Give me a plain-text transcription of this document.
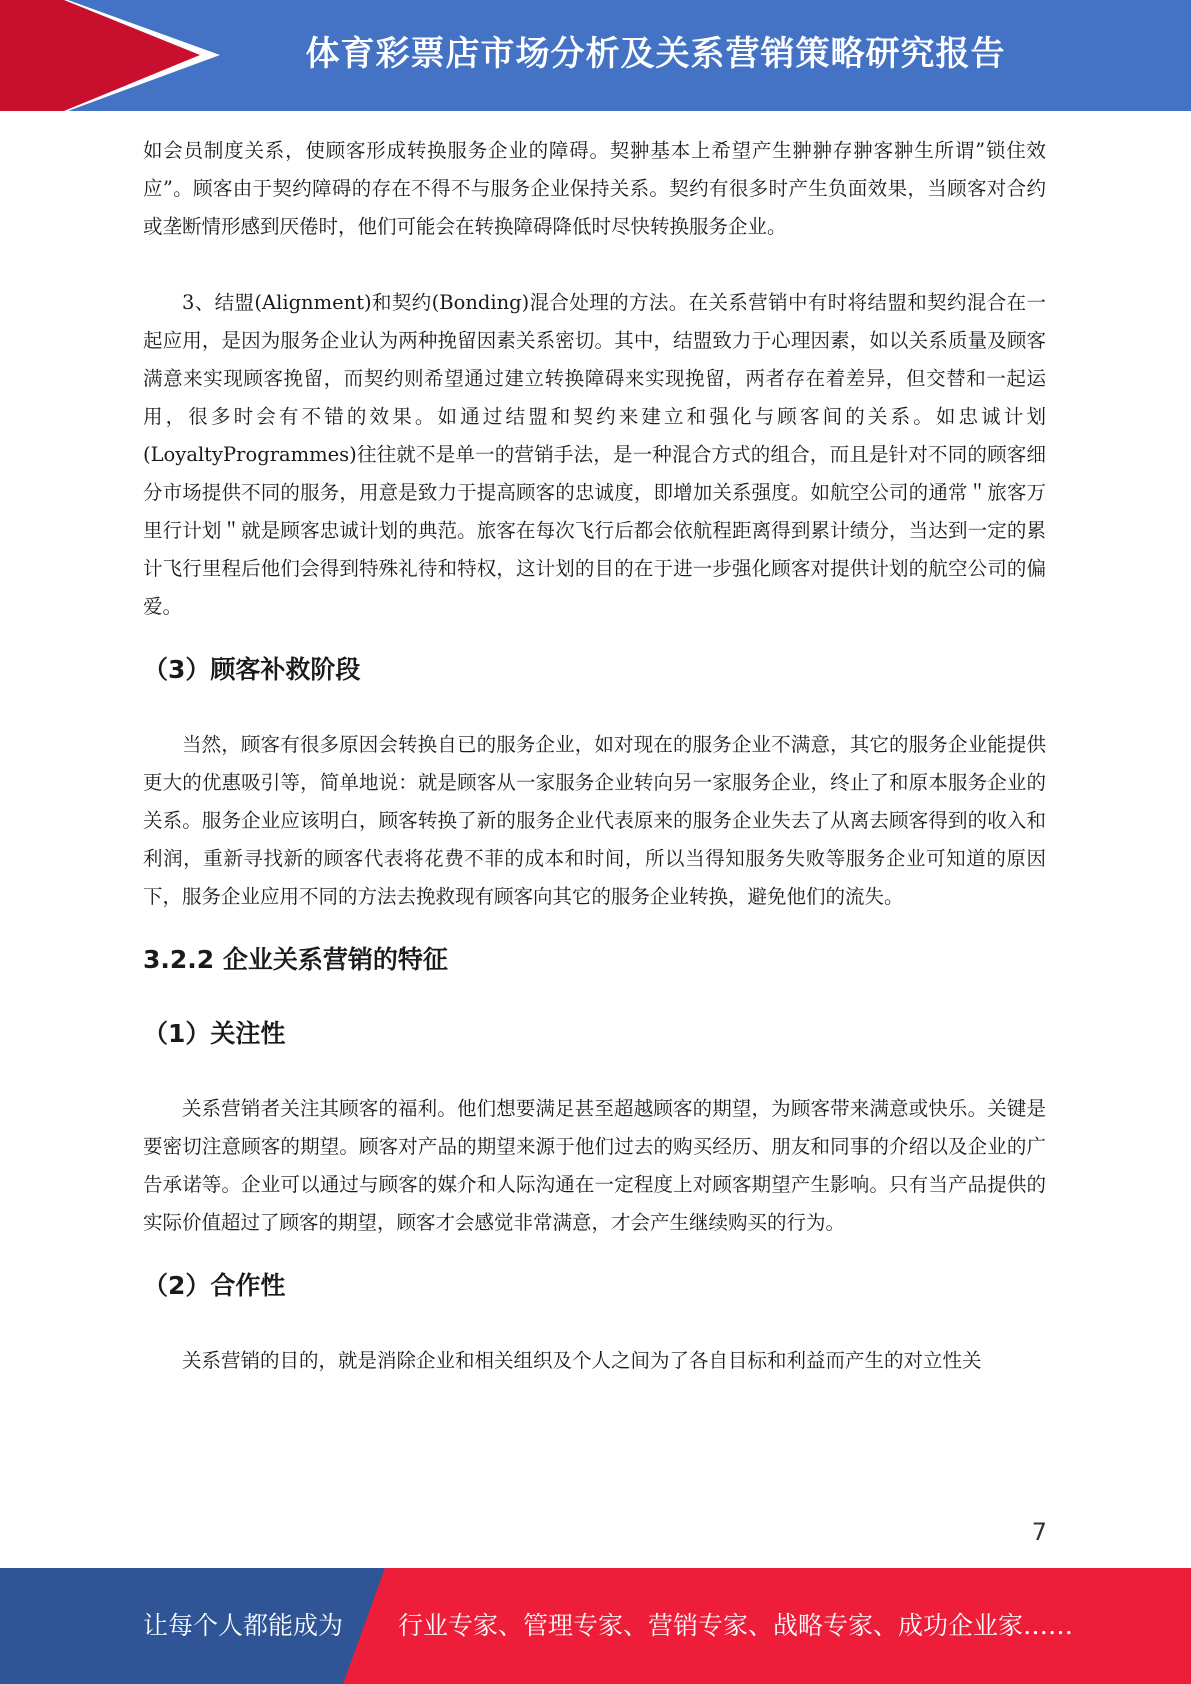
体育彩票店市场分析及关系营销策略研究报告

如会员制度关系，使顾客形成转换服务企业的障碍。契翀基本上希望产生翀翀存翀客翀生所谓”锁住效应”。顾客由于契约障碍的存在不得不与服务企业保持关系。契约有很多时产生负面效果，当顾客对合约或垄断情形感到厌倦时，他们可能会在转换障碍降低时尽快转换服务企业。

3、结盟(Alignment)和契约(Bonding)混合处理的方法。在关系营销中有时将结盟和契约混合在一起应用，是因为服务企业认为两种挽留因素关系密切。其中，结盟致力于心理因素，如以关系质量及顾客满意来实现顾客挽留，而契约则希望通过建立转换障碍来实现挽留，两者存在着差异，但交替和一起运用，很多时会有不错的效果。如通过结盟和契约来建立和强化与顾客间的关系。如忠诚计划(LoyaltyProgrammes)往往就不是单一的营销手法，是一种混合方式的组合，而且是针对不同的顾客细分市场提供不同的服务，用意是致力于提高顾客的忠诚度，即增加关系强度。如航空公司的通常＂旅客万里行计划＂就是顾客忠诚计划的典范。旅客在每次飞行后都会依航程距离得到累计绩分，当达到一定的累计飞行里程后他们会得到特殊礼待和特权，这计划的目的在于进一步强化顾客对提供计划的航空公司的偏爱。

（3）顾客补救阶段

当然，顾客有很多原因会转换自已的服务企业，如对现在的服务企业不满意，其它的服务企业能提供更大的优惠吸引等，简单地说：就是顾客从一家服务企业转向另一家服务企业，终止了和原本服务企业的关系。服务企业应该明白，顾客转换了新的服务企业代表原来的服务企业失去了从离去顾客得到的收入和利润，重新寻找新的顾客代表将花费不菲的成本和时间，所以当得知服务失败等服务企业可知道的原因下，服务企业应用不同的方法去挽救现有顾客向其它的服务企业转换，避免他们的流失。

3.2.2 企业关系营销的特征
（1）关注性

关系营销者关注其顾客的福利。他们想要满足甚至超越顾客的期望，为顾客带来满意或快乐。关键是要密切注意顾客的期望。顾客对产品的期望来源于他们过去的购买经历、朋友和同事的介绍以及企业的广告承诺等。企业可以通过与顾客的媒介和人际沟通在一定程度上对顾客期望产生影响。只有当产品提供的实际价值超过了顾客的期望，顾客才会感觉非常满意，才会产生继续购买的行为。

（2）合作性

关系营销的目的，就是消除企业和相关组织及个人之间为了各自目标和利益而产生的对立性关

7
让每个人都能成为 行业专家、管理专家、营销专家、战略专家、成功企业家……
